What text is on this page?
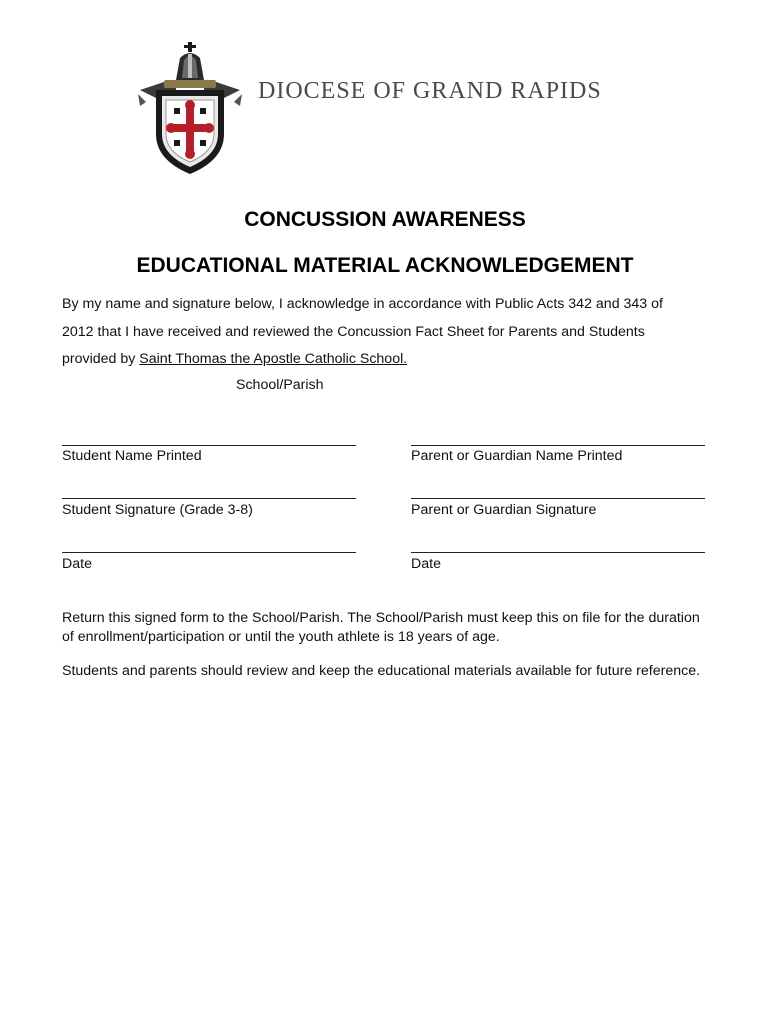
DIOCESE OF GRAND RAPIDS
CONCUSSION AWARENESS
EDUCATIONAL MATERIAL ACKNOWLEDGEMENT
By my name and signature below, I acknowledge in accordance with Public Acts 342 and 343 of
2012 that I have received and reviewed the Concussion Fact Sheet for Parents and Students
provided by Saint Thomas the Apostle Catholic School.
School/Parish
Student Name Printed	Parent or Guardian Name Printed
Student Signature (Grade 3-8)	Parent or Guardian Signature
Date	Date
Return this signed form to the School/Parish. The School/Parish must keep this on file for the duration of enrollment/participation or until the youth athlete is 18 years of age.
Students and parents should review and keep the educational materials available for future reference.
